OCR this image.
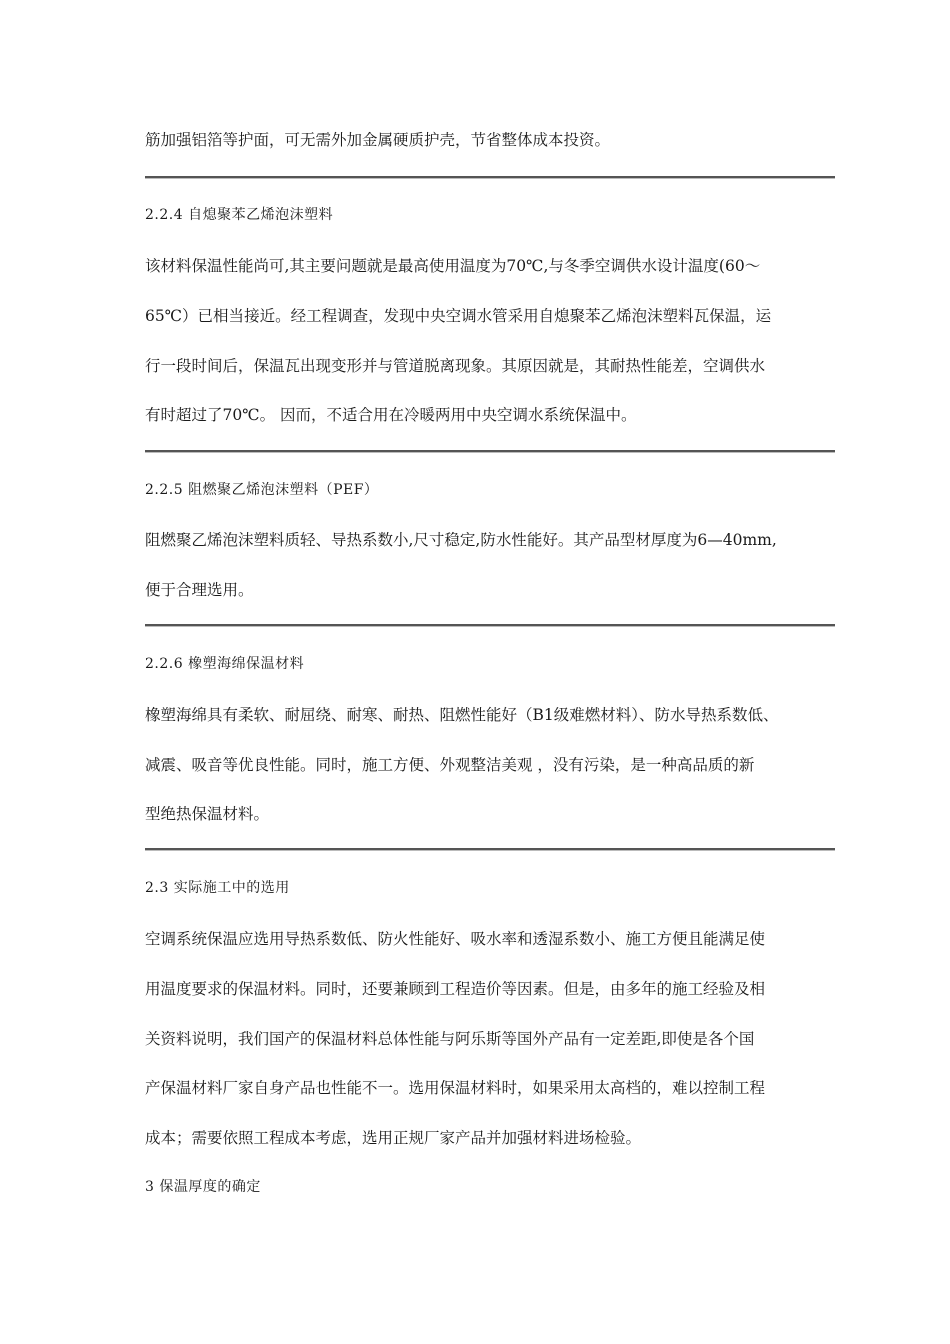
筋加强铝箔等护面，可无需外加金属硬质护壳，节省整体成本投资。
2.2.4 自熄聚苯乙烯泡沫塑料
该材料保温性能尚可,其主要问题就是最高使用温度为70℃,与冬季空调供水设计温度(60～
65℃）已相当接近。经工程调查，发现中央空调水管采用自熄聚苯乙烯泡沫塑料瓦保温，运
行一段时间后，保温瓦出现变形并与管道脱离现象。其原因就是，其耐热性能差，空调供水
有时超过了70℃。 因而，不适合用在冷暖两用中央空调水系统保温中。
2.2.5 阻燃聚乙烯泡沫塑料（PEF）
阻燃聚乙烯泡沫塑料质轻、导热系数小,尺寸稳定,防水性能好。其产品型材厚度为6—40mm,
便于合理选用。
2.2.6 橡塑海绵保温材料
橡塑海绵具有柔软、耐屈绕、耐寒、耐热、阻燃性能好（B1级难燃材料）、防水导热系数低、
减震、吸音等优良性能。同时，施工方便、外观整洁美观 ，没有污染，是一种高品质的新
型绝热保温材料。
2.3 实际施工中的选用
空调系统保温应选用导热系数低、防火性能好、吸水率和透湿系数小、施工方便且能满足使
用温度要求的保温材料。同时，还要兼顾到工程造价等因素。但是，由多年的施工经验及相
关资料说明，我们国产的保温材料总体性能与阿乐斯等国外产品有一定差距,即使是各个国
产保温材料厂家自身产品也性能不一。选用保温材料时，如果采用太高档的，难以控制工程
成本；需要依照工程成本考虑，选用正规厂家产品并加强材料进场检验。
3 保温厚度的确定
